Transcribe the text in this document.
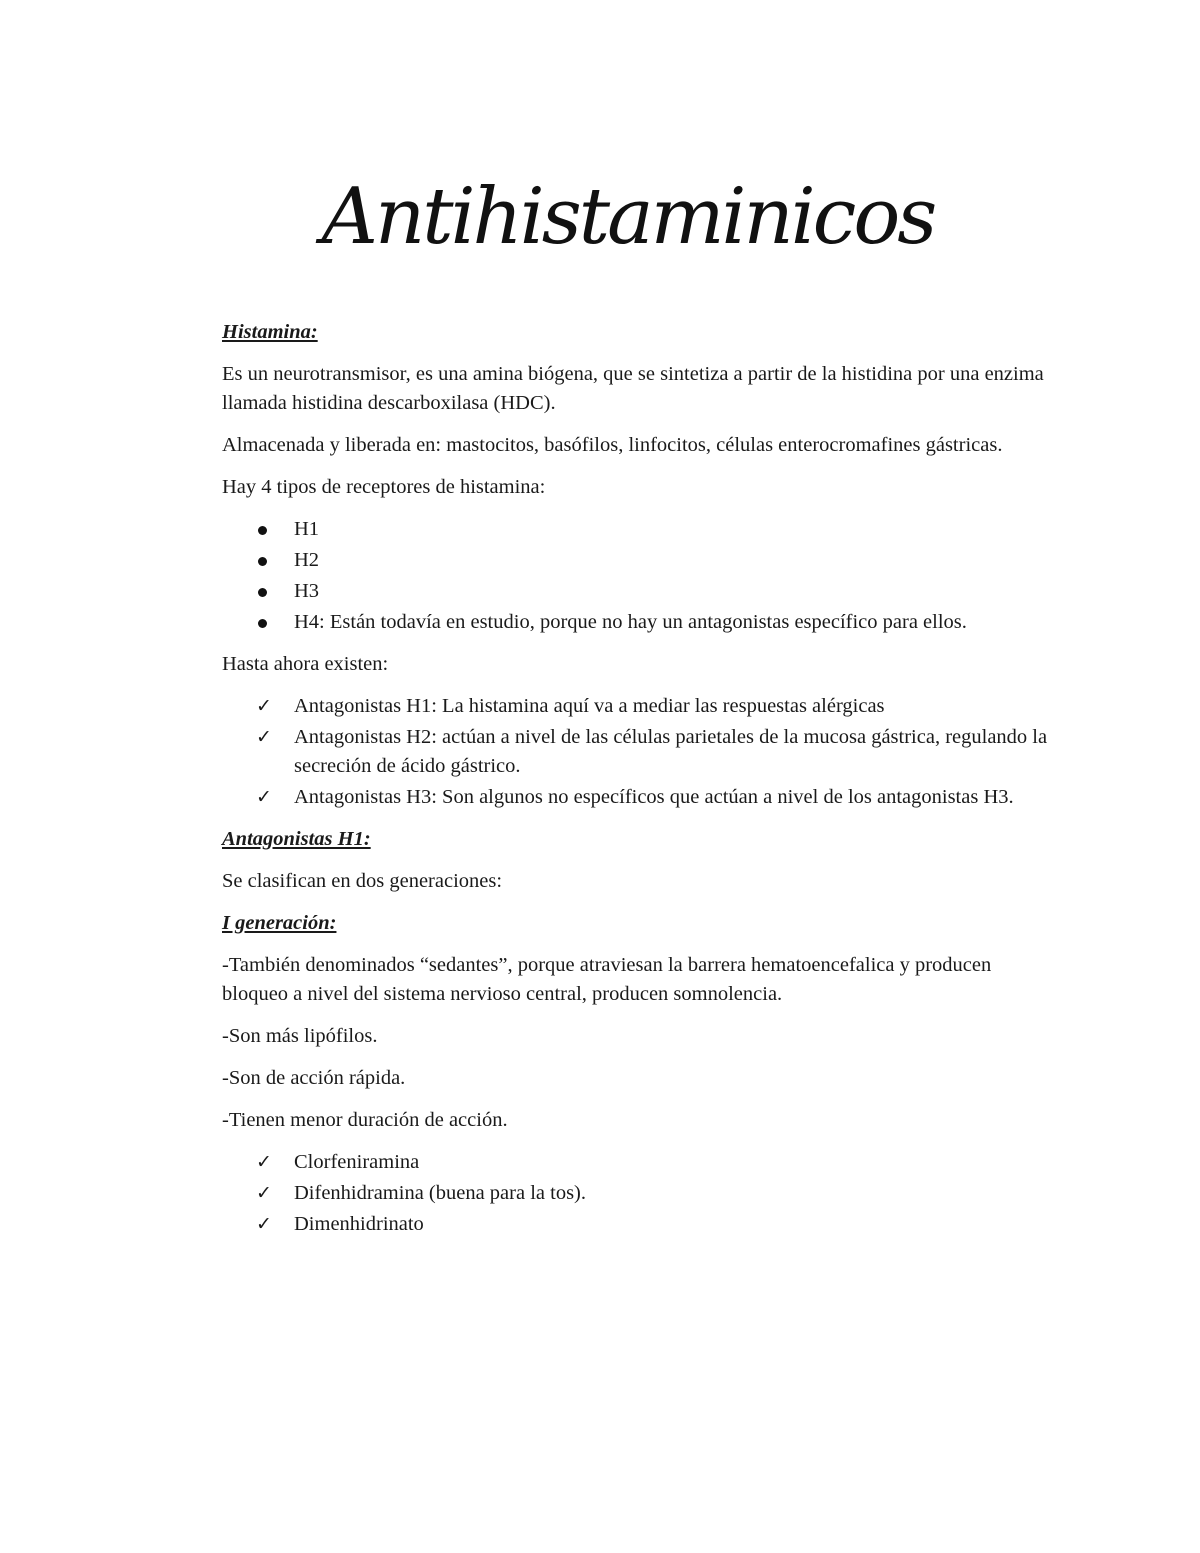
Antihistaminicos
Histamina:

Es un neurotransmisor, es una amina biógena, que se sintetiza a partir de la histidina por una enzima llamada histidina descarboxilasa (HDC).

Almacenada y liberada en: mastocitos, basófilos, linfocitos, células enterocromafines gástricas.

Hay 4 tipos de receptores de histamina:

H1
H2
H3
H4: Están todavía en estudio, porque no hay un antagonistas específico para ellos.

Hasta ahora existen:

✓ Antagonistas H1: La histamina aquí va a mediar las respuestas alérgicas
✓ Antagonistas H2: actúan a nivel de las células parietales de la mucosa gástrica, regulando la secreción de ácido gástrico.
✓ Antagonistas H3: Son algunos no específicos que actúan a nivel de los antagonistas H3.
Antagonistas H1:

Se clasifican en dos generaciones:

I generación:

-También denominados “sedantes”, porque atraviesan la barrera hematoencefalica y producen bloqueo a nivel del sistema nervioso central, producen somnolencia.

-Son más lipófilos.

-Son de acción rápida.

-Tienen menor duración de acción.

✓ Clorfeniramina
✓ Difenhidramina (buena para la tos).
✓ Dimenhidrinato
